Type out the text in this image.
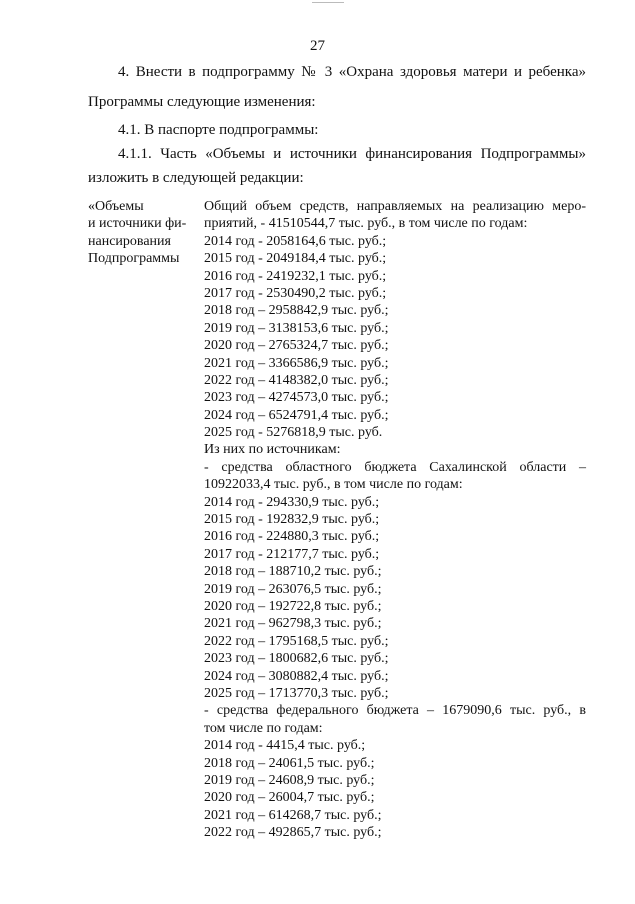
27
4. Внести в подпрограмму № 3 «Охрана здоровья матери и ребенка»
Программы следующие изменения:
4.1. В паспорте подпрограммы:
4.1.1. Часть «Объемы и источники финансирования Подпрограммы»
изложить в следующей редакции:
«Объемы
и источники фи-
нансирования
Подпрограммы
Общий объем средств, направляемых на реализацию меро-
приятий, - 41510544,7 тыс. руб., в том числе по годам:
2014 год - 2058164,6 тыс. руб.;
2015 год - 2049184,4 тыс. руб.;
2016 год - 2419232,1 тыс. руб.;
2017 год - 2530490,2 тыс. руб.;
2018 год – 2958842,9 тыс. руб.;
2019 год – 3138153,6 тыс. руб.;
2020 год – 2765324,7 тыс. руб.;
2021 год – 3366586,9 тыс. руб.;
2022 год – 4148382,0 тыс. руб.;
2023 год – 4274573,0 тыс. руб.;
2024 год – 6524791,4 тыс. руб.;
2025 год - 5276818,9 тыс. руб.
Из них по источникам:
- средства областного бюджета Сахалинской области –
10922033,4 тыс. руб., в том числе по годам:
2014 год - 294330,9 тыс. руб.;
2015 год - 192832,9 тыс. руб.;
2016 год - 224880,3 тыс. руб.;
2017 год - 212177,7 тыс. руб.;
2018 год – 188710,2 тыс. руб.;
2019 год – 263076,5 тыс. руб.;
2020 год – 192722,8 тыс. руб.;
2021 год – 962798,3 тыс. руб.;
2022 год – 1795168,5 тыс. руб.;
2023 год – 1800682,6 тыс. руб.;
2024 год – 3080882,4 тыс. руб.;
2025 год – 1713770,3 тыс. руб.;
- средства федерального бюджета – 1679090,6 тыс. руб., в
том числе по годам:
2014 год - 4415,4 тыс. руб.;
2018 год – 24061,5 тыс. руб.;
2019 год – 24608,9 тыс. руб.;
2020 год – 26004,7 тыс. руб.;
2021 год – 614268,7 тыс. руб.;
2022 год – 492865,7 тыс. руб.;
